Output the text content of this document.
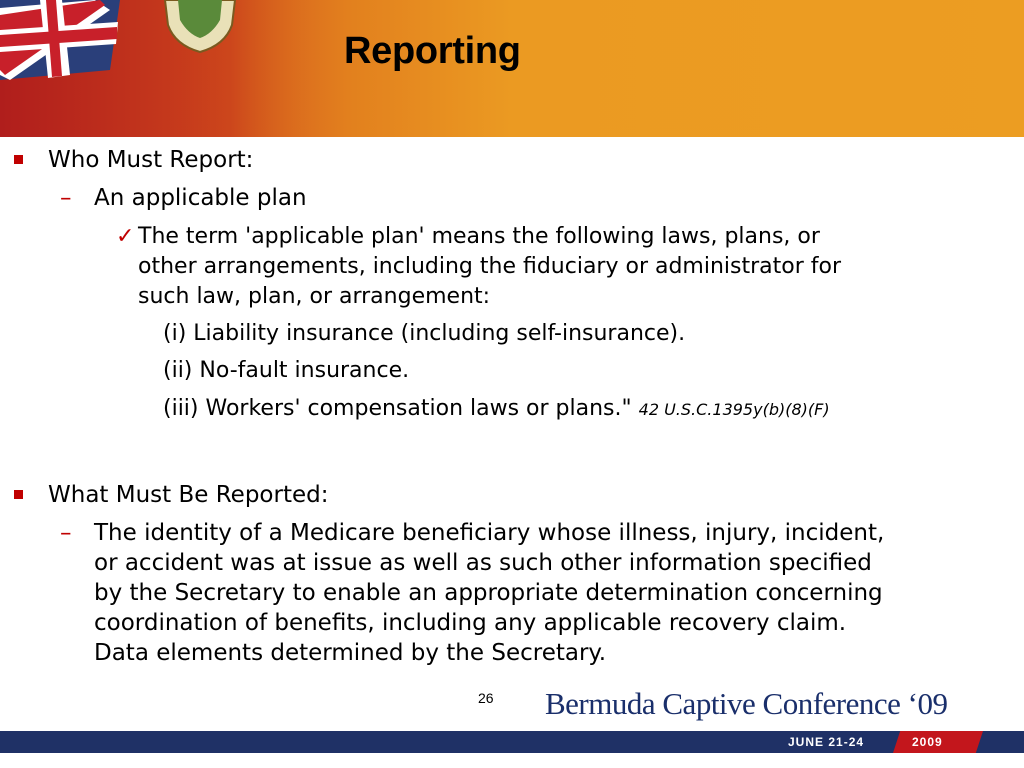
Reporting
Who Must Report:
– An applicable plan
✓ The term 'applicable plan' means the following laws, plans, or
other arrangements, including the fiduciary or administrator for
such law, plan, or arrangement:
(i) Liability insurance (including self-insurance).
(ii) No-fault insurance.
(iii) Workers' compensation laws or plans." 42 U.S.C.1395y(b)(8)(F)
What Must Be Reported:
– The identity of a Medicare beneficiary whose illness, injury, incident,
or accident was at issue as well as such other information specified
by the Secretary to enable an appropriate determination concerning
coordination of benefits, including any applicable recovery claim.
Data elements determined by the Secretary.
26 Bermuda Captive Conference ‘09
JUNE 21-24	2009
